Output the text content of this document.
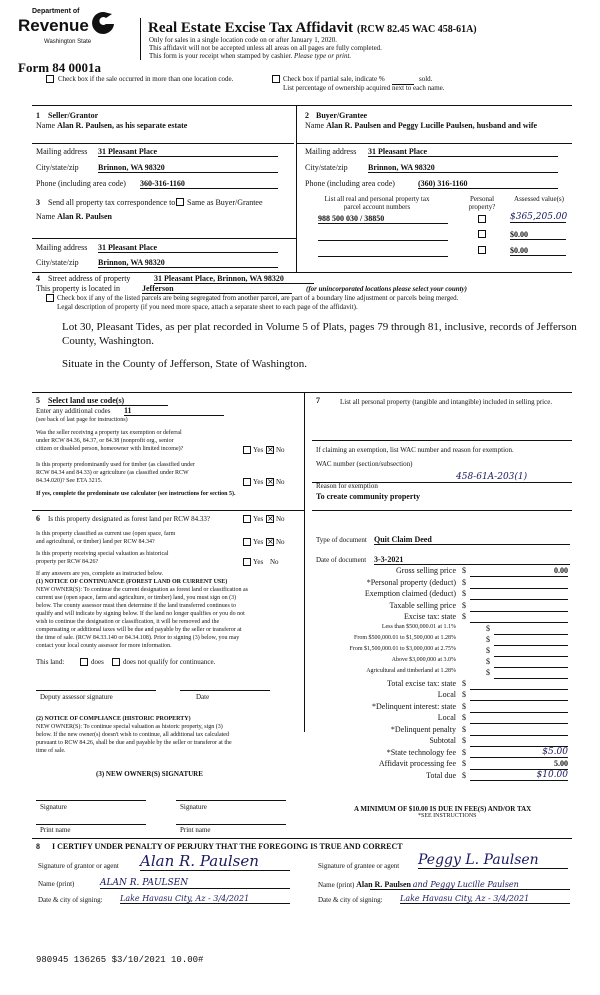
Department of
Revenue
Washington State
Form 84 0001a
Real Estate Excise Tax Affidavit (RCW 82.45 WAC 458-61A)
Only for sales in a single location code on or after January 1, 2020.
This affidavit will not be accepted unless all areas on all pages are fully completed.
This form is your receipt when stamped by cashier. Please type or print.
Check box if the sale occurred in more than one location code.	Check box if partial sale, indicate %	sold.
List percentage of ownership acquired next to each name.
1 Seller/Grantor
Name Alan R. Paulsen, as his separate estate
Mailing address 31 Pleasant Place
City/state/zip Brinnon, WA 98320
Phone (including area code) 360-316-1160
2 Buyer/Grantee
Name Alan R. Paulsen and Peggy Lucille Paulsen, husband and wife
Mailing address 31 Pleasant Place
City/state/zip	Brinnon, WA 98320
Phone (including area code)	(360) 316-1160
3 Send all property tax correspondence to: Same as Buyer/Grantee
Name Alan R. Paulsen
Mailing address 31 Pleasant Place
City/state/zip Brinnon, WA 98320
List all real and personal property tax parcel account numbers
Personal property?
Assessed value(s)
988 500 030 / 38850	$365,205.00
$0.00
$0.00
4 Street address of property	31 Pleasant Place, Brinnon, WA 98320
This property is located in	Jefferson	(for unincorporated locations please select your county)
Check box if any of the listed parcels are being segregated from another parcel, are part of a boundary line adjustment or parcels being merged.
Legal description of property (if you need more space, attach a separate sheet to each page of the affidavit).
Lot 30, Pleasant Tides, as per plat recorded in Volume 5 of Plats, pages 79 through 81, inclusive, records of Jefferson
County, Washington.
Situate in the County of Jefferson, State of Washington.
5 Select land use code(s)
Enter any additional codes 11
(see back of last page for instructions)
Was the seller receiving a property tax exemption or deferral
under RCW 84.36, 84.37, or 84.38 (nonprofit org., senior
citizen or disabled person, homeowner with limited income)?	Yes × No
Is this property predominantly used for timber (as classified under
RCW 84.34 and 84.33) or agriculture (as classified under RCW
84.34.020)? See ETA 3215.	Yes × No
If yes, complete the predominate use calculator (see instructions for section 5).
6 Is this property designated as forest land per RCW 84.33?	Yes × No
Is this property classified as current use (open space, farm
and agricultural, or timber) land per RCW 84.34?	Yes × No
Is this property receiving special valuation as historical
property per RCW 84.26?	Yes No
If any answers are yes, complete as instructed below.
(1) NOTICE OF CONTINUANCE (FOREST LAND OR CURRENT USE)
NEW OWNER(S): To continue the current designation as forest land or classification as
current use (open space, farm and agriculture, or timber) land, you must sign on (3)
below. The county assessor must then determine if the land transferred continues to
qualify and will indicate by signing below. If the land no longer qualifies or you do not
wish to continue the designation or classification, it will be removed and the
compensating or additional taxes will be due and payable by the seller or transferor at
the time of sale. (RCW 84.33.140 or 84.34.108). Prior to signing (3) below, you may
contact your local county assessor for more information.
This land:	does	does not qualify for continuance.
Deputy assessor signature	Date
(2) NOTICE OF COMPLIANCE (HISTORIC PROPERTY)
NEW OWNER(S): To continue special valuation as historic property, sign (3)
below. If the new owner(s) doesn't wish to continue, all additional tax calculated
pursuant to RCW 84.26, shall be due and payable by the seller or transferor at the
time of sale.
(3) NEW OWNER(S) SIGNATURE
Signature	Signature
Print name	Print name
7	List all personal property (tangible and intangible) included in selling price.
If claiming an exemption, list WAC number and reason for exemption.
WAC number (section/subsection)
458-61A-203(1)
Reason for exemption
To create community property
Type of document Quit Claim Deed
Date of document 3-3-2021
Gross selling price $	0.00
*Personal property (deduct) $
Exemption claimed (deduct) $
Taxable selling price $
Excise tax: state $
Less than $500,000.01 at 1.1%	$
From $500,000.01 to $1,500,000 at 1.28%	$
From $1,500,000.01 to $3,000,000 at 2.75%	$
Above $3,000,000 at 3.0%	$
Agricultural and timberland at 1.28%	$
Total excise tax: state $
Local $
*Delinquent interest: state $
Local $
*Delinquent penalty $
Subtotal $
*State technology fee $	$5.00
Affidavit processing fee $	5.00
Total due $	$10.00
A MINIMUM OF $10.00 IS DUE IN FEE(S) AND/OR TAX
*SEE INSTRUCTIONS
8 I CERTIFY UNDER PENALTY OF PERJURY THAT THE FOREGOING IS TRUE AND CORRECT
Signature of grantor or agent Alan R. Paulsen
Name (print)	ALAN R. PAULSEN
Date & city of signing: Lake Havasu City, Az - 3/4/2021
Signature of grantee or agent Peggy L. Paulsen
Name (print) Alan R. Paulsen and Peggy Lucille Paulsen
Date & city of signing: Lake Havasu City, Az - 3/4/2021
980945 136265 $3/10/2021 10.00#
